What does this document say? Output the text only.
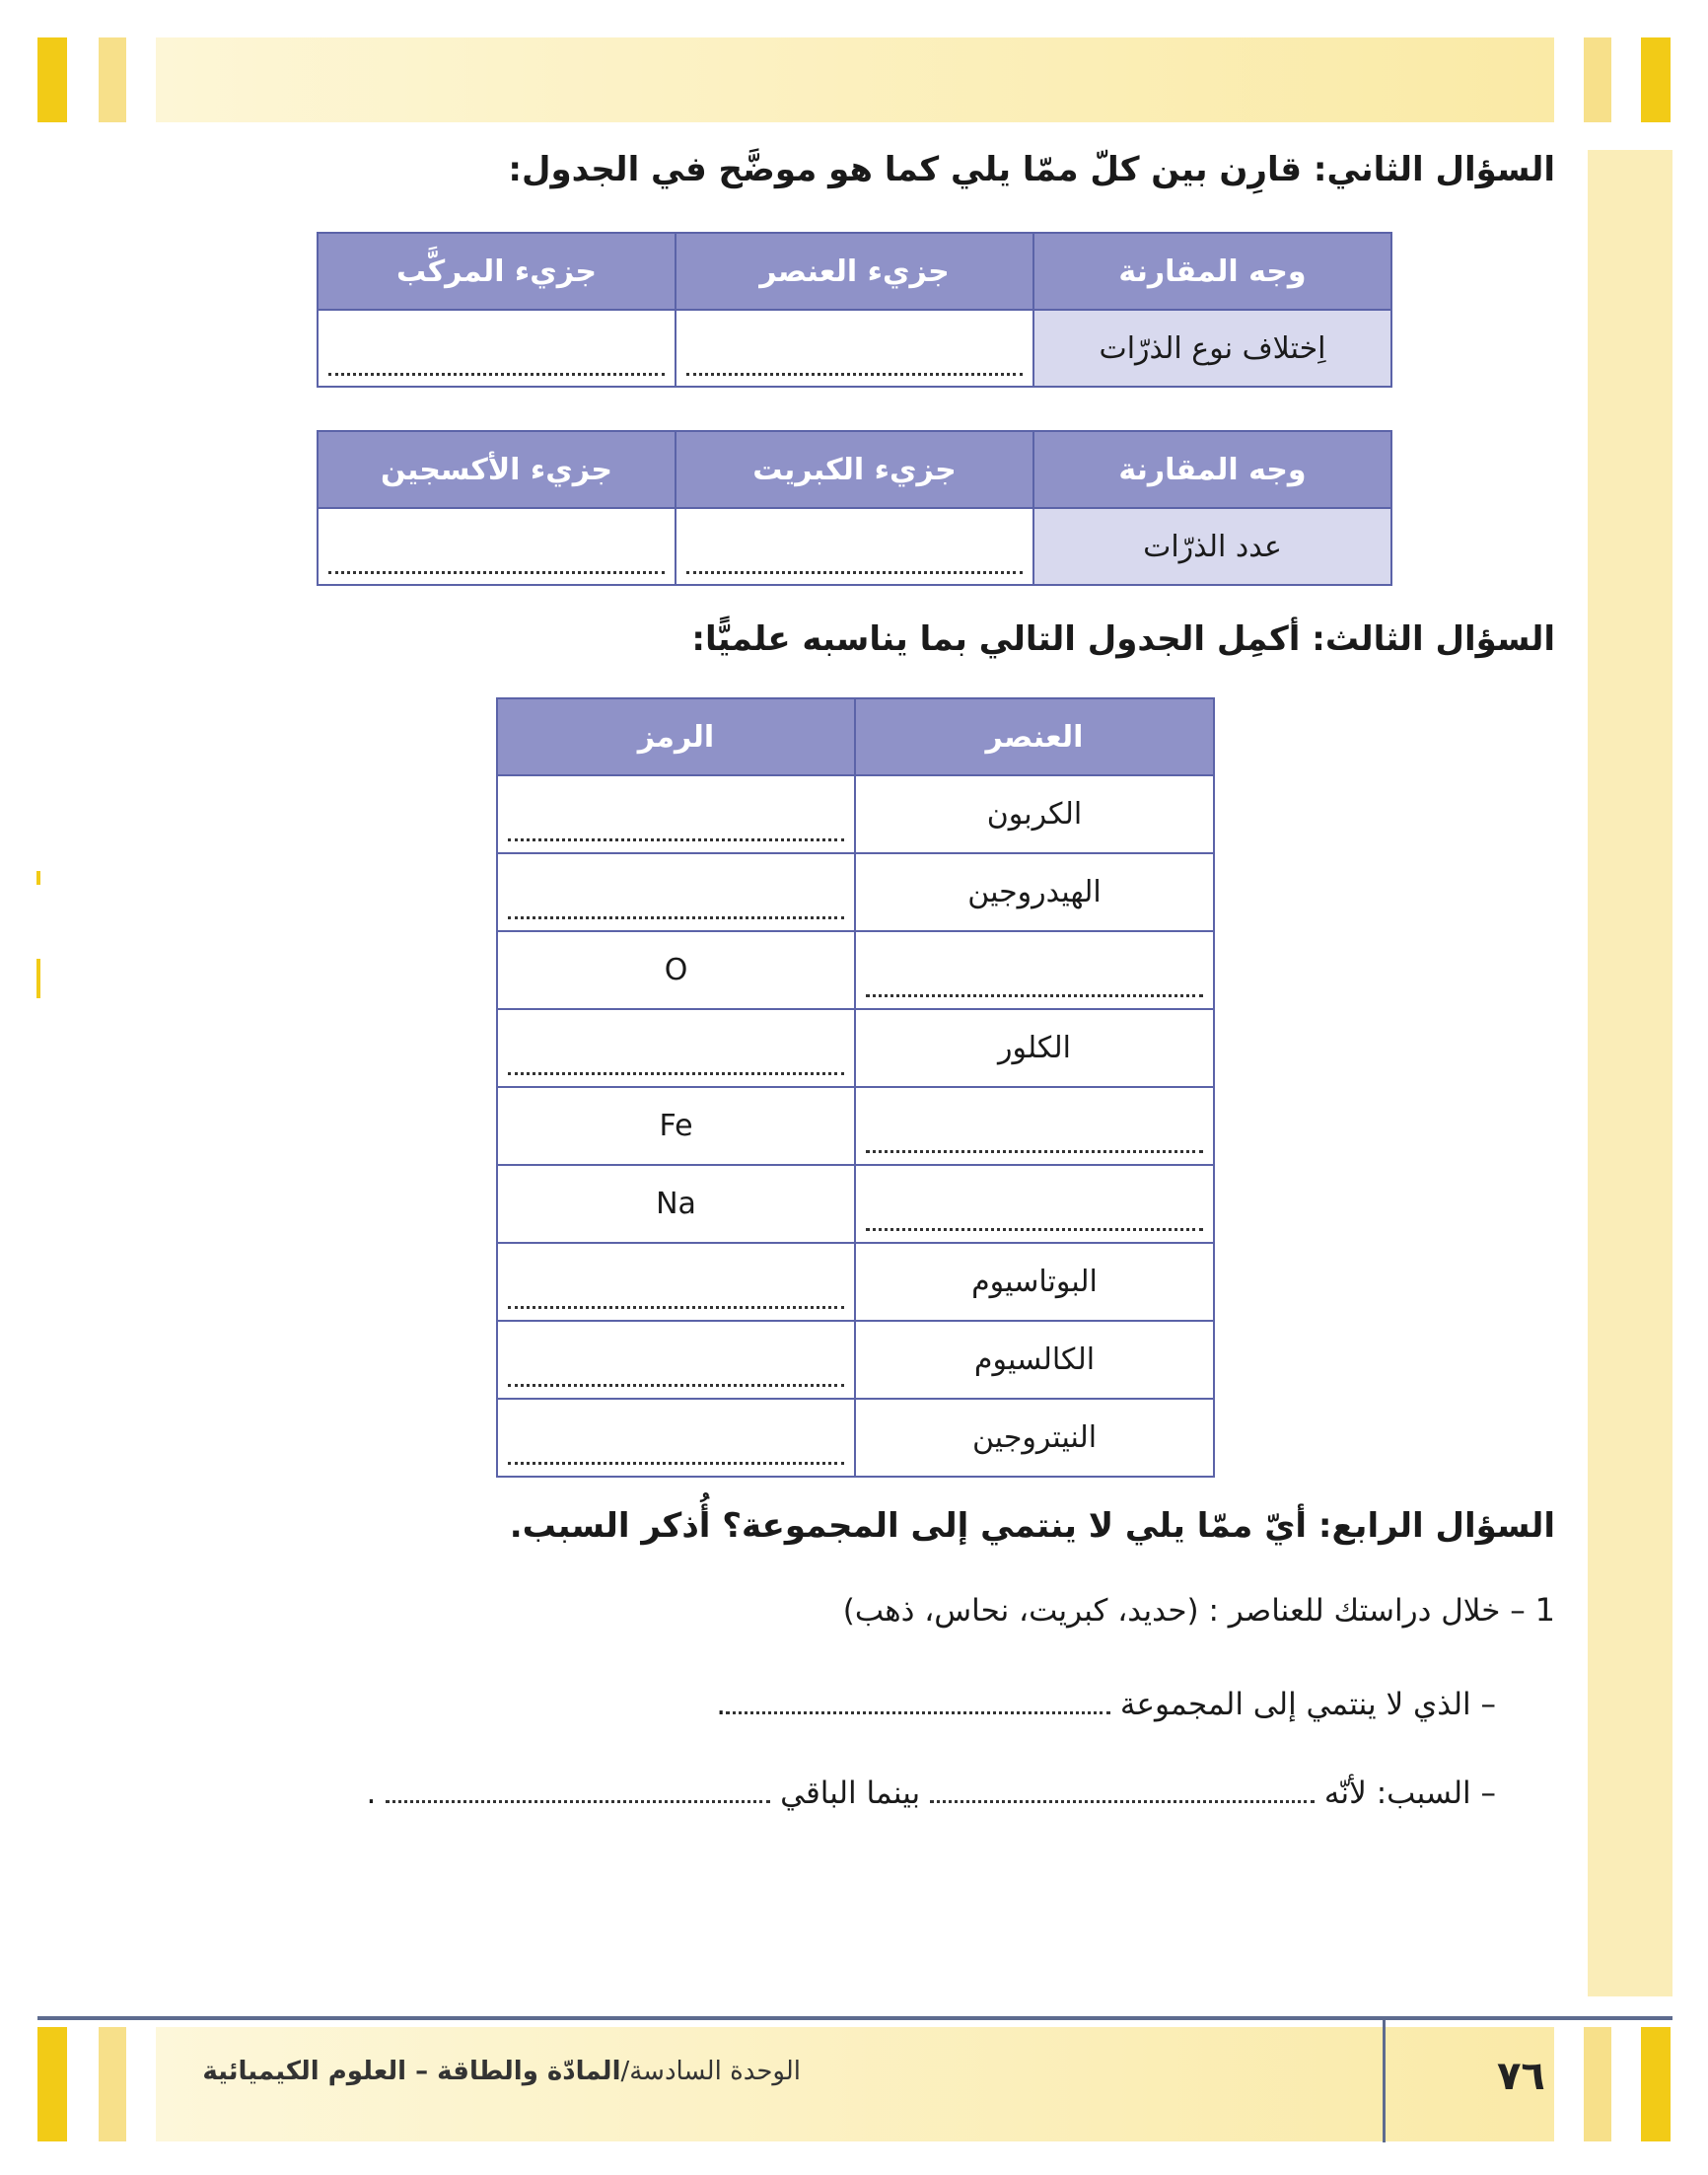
السؤال الثاني: قارِن بين كلّ ممّا يلي كما هو موضَّح في الجدول:
وجه المقارنة	جزيء العنصر	جزيء المركَّب
اِختلاف نوع الذرّات	

وجه المقارنة	جزيء الكبريت	جزيء الأكسجين
عدد الذرّات	

السؤال الثالث: أكمِل الجدول التالي بما يناسبه علميًّا:
العنصر	الرمز
الكربون	

الهيدروجين	

	O
الكلور	

	Fe

	Na
البوتاسيوم	

الكالسيوم	

النيتروجين	
السؤال الرابع: أيّ ممّا يلي لا ينتمي إلى المجموعة؟ أُذكر السبب.
1 – خلال دراستك للعناصر : (حديد، كبريت، نحاس، ذهب)
– الذي لا ينتمي إلى المجموعة .
– السبب: لأنّه  بينما الباقي  .
الوحدة السادسة/المادّة والطاقة – العلوم الكيميائية	٧٦
